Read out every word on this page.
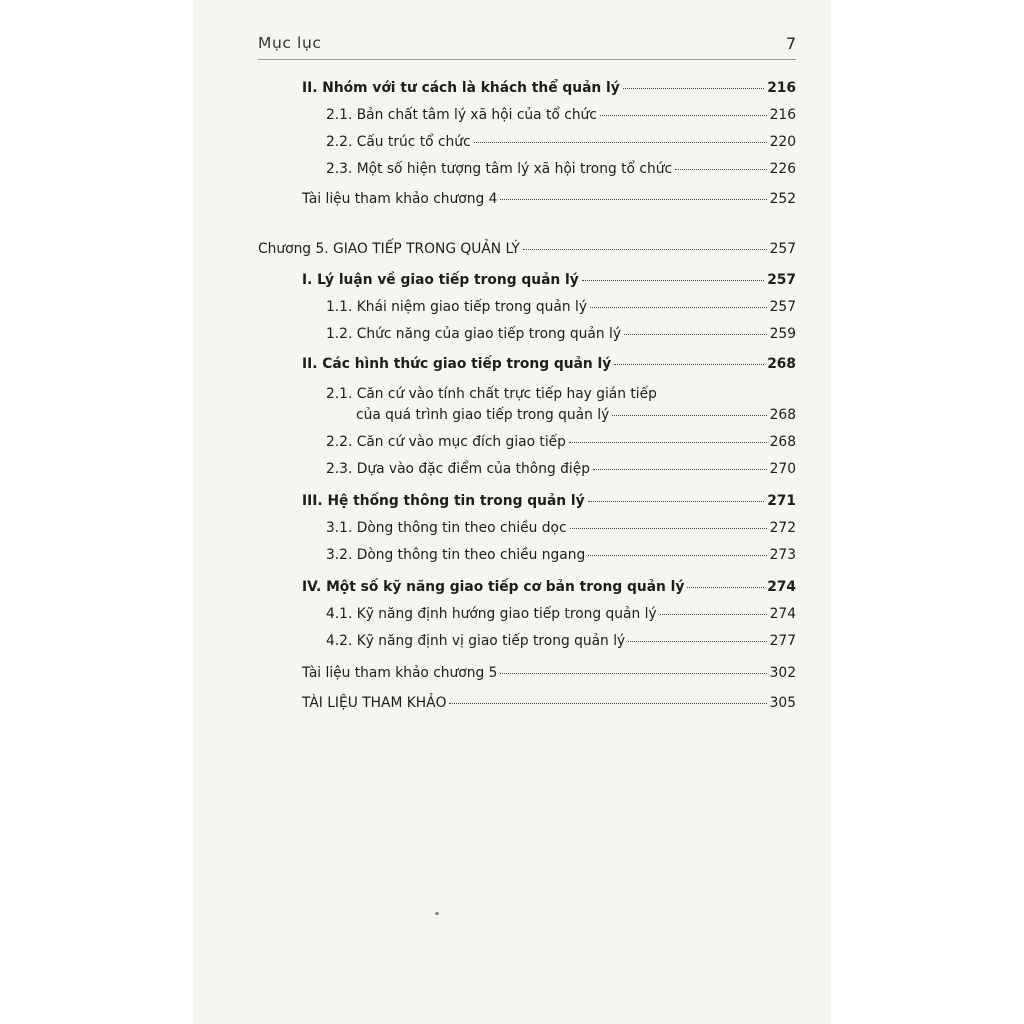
Mục lục	7
II. Nhóm với tư cách là khách thể quản lý	216
2.1. Bản chất tâm lý xã hội của tổ chức	216
2.2. Cấu trúc tổ chức	220
2.3. Một số hiện tượng tâm lý xã hội trong tổ chức	226
Tài liệu tham khảo chương 4	252
Chương 5. GIAO TIẾP TRONG QUẢN LÝ	257
I. Lý luận về giao tiếp trong quản lý	257
1.1. Khái niệm giao tiếp trong quản lý	257
1.2. Chức năng của giao tiếp trong quản lý	259
II. Các hình thức giao tiếp trong quản lý	268
2.1. Căn cứ vào tính chất trực tiếp hay gián tiếp
của quá trình giao tiếp trong quản lý	268
2.2. Căn cứ vào mục đích giao tiếp	268
2.3. Dựa vào đặc điểm của thông điệp	270
III. Hệ thống thông tin trong quản lý	271
3.1. Dòng thông tin theo chiều dọc	272
3.2. Dòng thông tin theo chiều ngang	273
IV. Một số kỹ năng giao tiếp cơ bản trong quản lý	274
4.1. Kỹ năng định hướng giao tiếp trong quản lý	274
4.2. Kỹ năng định vị giao tiếp trong quản lý	277
Tài liệu tham khảo chương 5	302
TÀI LIỆU THAM KHẢO	305
